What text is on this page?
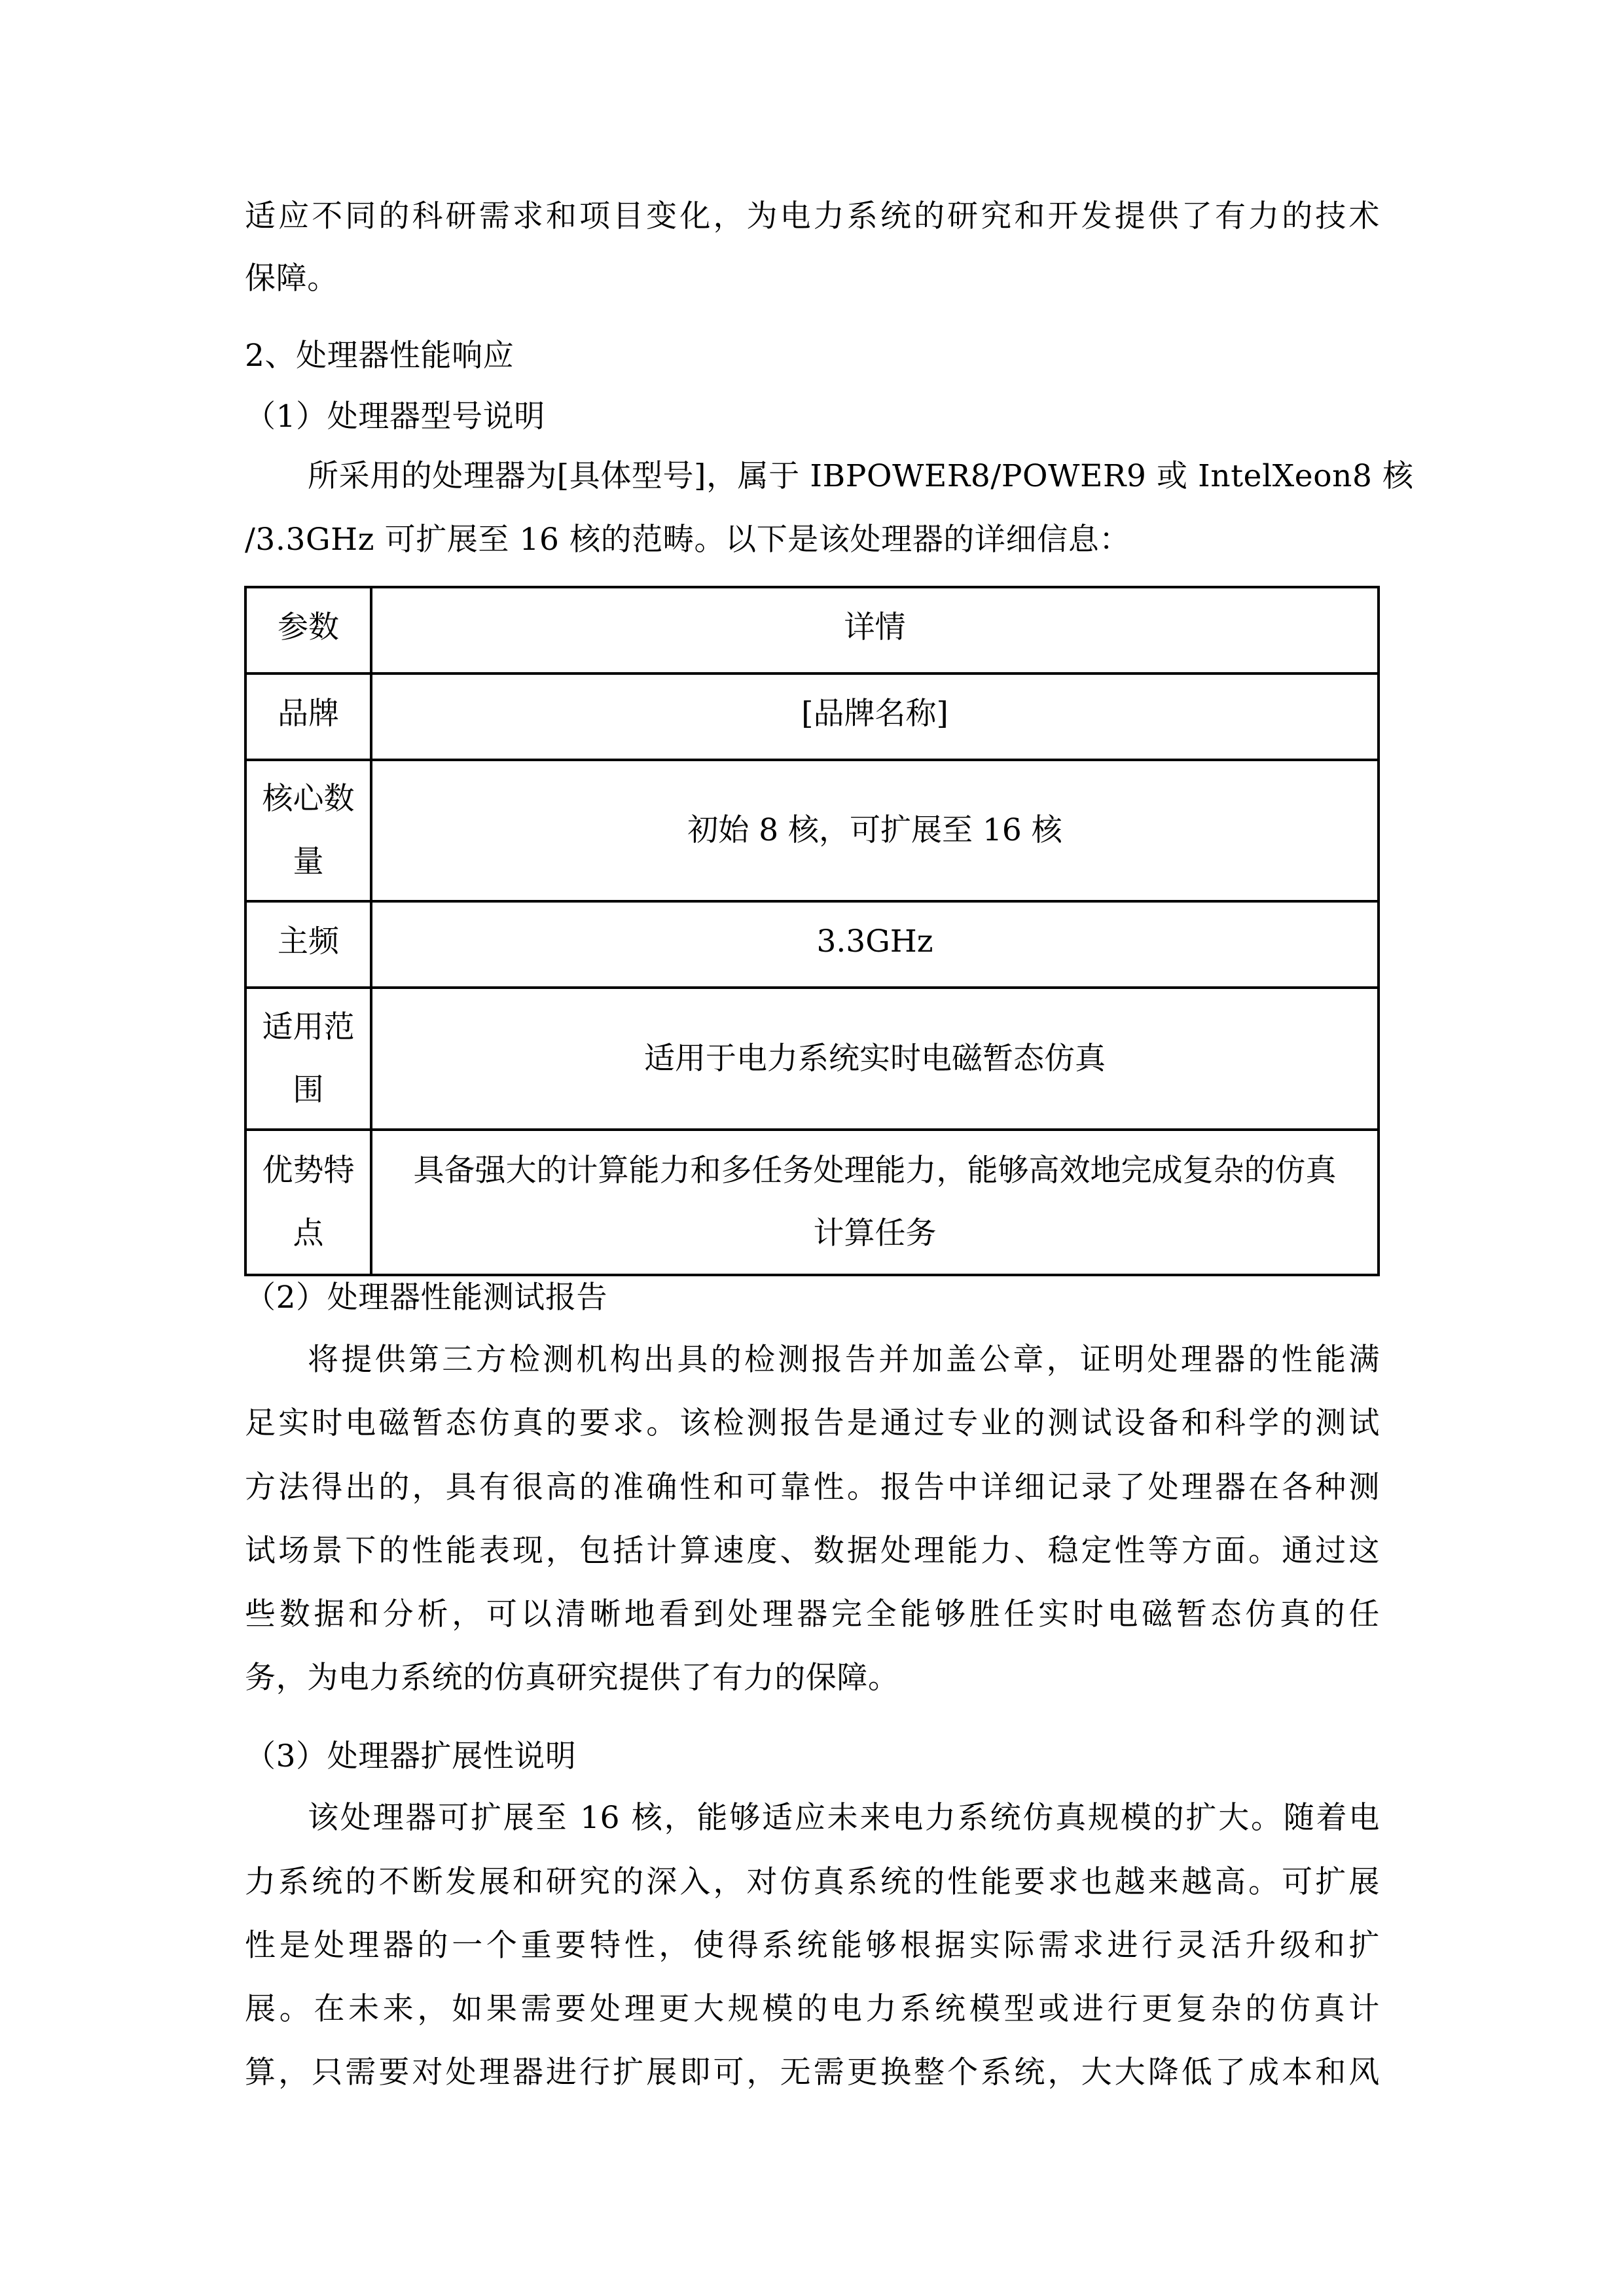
适应不同的科研需求和项目变化，为电力系统的研究和开发提供了有力的技术
保障。
2、处理器性能响应
（1）处理器型号说明
所采用的处理器为[具体型号]，属于 IBPOWER8/POWER9 或 IntelXeon8 核
/3.3GHz 可扩展至 16 核的范畴。以下是该处理器的详细信息：
参数	详情

品牌	[品牌名称]

核心数
量	初始 8 核，可扩展至 16 核

主频	3.3GHz

适用范
围	适用于电力系统实时电磁暂态仿真

优势特
点	具备强大的计算能力和多任务处理能力，能够高效地完成复杂的仿真
计算任务
（2）处理器性能测试报告
将提供第三方检测机构出具的检测报告并加盖公章，证明处理器的性能满
足实时电磁暂态仿真的要求。该检测报告是通过专业的测试设备和科学的测试
方法得出的，具有很高的准确性和可靠性。报告中详细记录了处理器在各种测
试场景下的性能表现，包括计算速度、数据处理能力、稳定性等方面。通过这
些数据和分析，可以清晰地看到处理器完全能够胜任实时电磁暂态仿真的任
务，为电力系统的仿真研究提供了有力的保障。
（3）处理器扩展性说明
该处理器可扩展至 16 核，能够适应未来电力系统仿真规模的扩大。随着电
力系统的不断发展和研究的深入，对仿真系统的性能要求也越来越高。可扩展
性是处理器的一个重要特性，使得系统能够根据实际需求进行灵活升级和扩
展。在未来，如果需要处理更大规模的电力系统模型或进行更复杂的仿真计
算，只需要对处理器进行扩展即可，无需更换整个系统，大大降低了成本和风
